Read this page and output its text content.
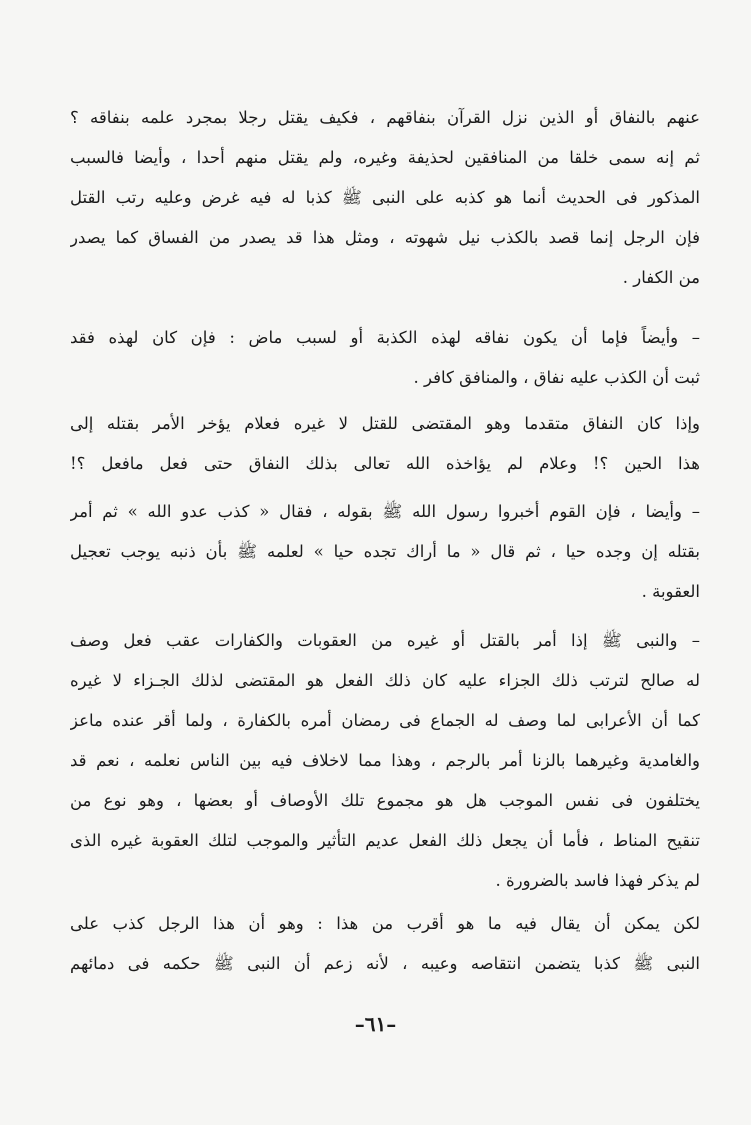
عنهم بالنفاق أو الذين نزل القرآن بنفاقهم ، فكيف يقتل رجلا بمجرد علمه بنفاقه ؟
ثم إنه سمى خلقا من المنافقين لحذيفة وغيره، ولم يقتل منهم أحدا ، وأيضا فالسبب
المذكور فى الحديث أنما هو كذبه على النبى ﷺ كذبا له فيه غرض وعليه رتب القتل
فإن الرجل إنما قصد بالكذب نيل شهوته ، ومثل هذا قد يصدر من الفساق كما يصدر
من الكفار .
– وأيضاً فإما أن يكون نفاقه لهذه الكذبة أو لسبب ماض : فإن كان لهذه فقد
ثبت أن الكذب عليه نفاق ، والمنافق كافر .
وإذا كان النفاق متقدما وهو المقتضى للقتل لا غيره فعلام يؤخر الأمر بقتله إلى
هذا الحين ؟! وعلام لم يؤاخذه الله تعالى بذلك النفاق حتى فعل مافعل ؟!
– وأيضا ، فإن القوم أخبروا رسول الله ﷺ بقوله ، فقال « كذب عدو الله » ثم أمر
بقتله إن وجده حيا ، ثم قال « ما أراك تجده حيا » لعلمه ﷺ بأن ذنبه يوجب تعجيل
العقوبة .
– والنبى ﷺ إذا أمر بالقتل أو غيره من العقوبات والكفارات عقب فعل وصف
له صالح لترتب ذلك الجزاء عليه كان ذلك الفعل هو المقتضى لذلك الجـزاء لا غيره
كما أن الأعرابى لما وصف له الجماع فى رمضان أمره بالكفارة ، ولما أقر عنده ماعز
والغامدية وغيرهما بالزنا أمر بالرجم ، وهذا مما لاخلاف فيه بين الناس نعلمه ، نعم قد
يختلفون فى نفس الموجب هل هو مجموع تلك الأوصاف أو بعضها ، وهو نوع من
تنقيح المناط ، فأما أن يجعل ذلك الفعل عديم التأثير والموجب لتلك العقوبة غيره الذى
لم يذكر فهذا فاسد بالضرورة .
لكن يمكن أن يقال فيه ما هو أقرب من هذا : وهو أن هذا الرجل كذب على
النبى ﷺ كذبا يتضمن انتقاصه وعيبه ، لأنه زعم أن النبى ﷺ حكمه فى دمائهم
–٦١–
